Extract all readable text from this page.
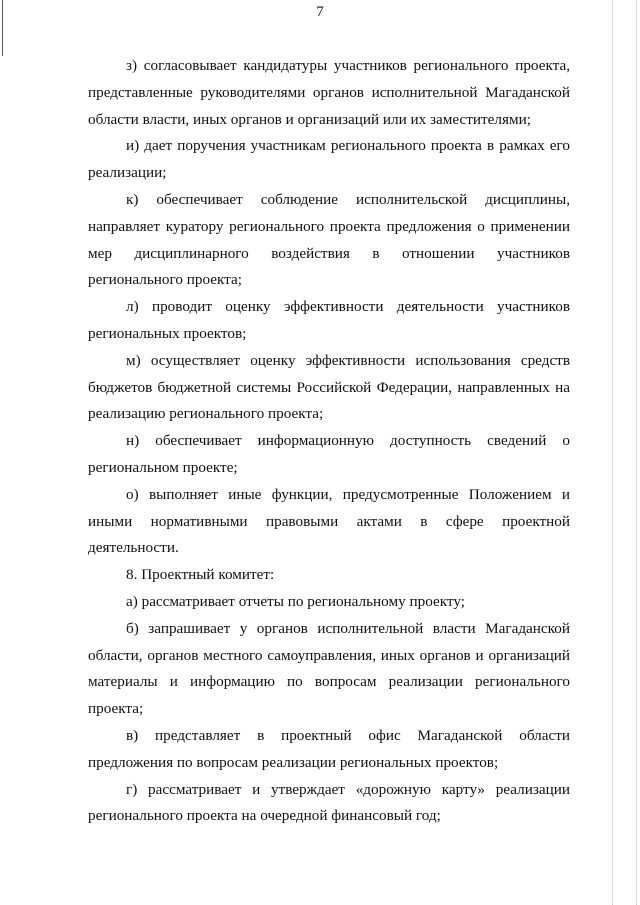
7

з) согласовывает кандидатуры участников регионального проекта, представленные руководителями органов исполнительной Магаданской области власти, иных органов и организаций или их заместителями;

и) дает поручения участникам регионального проекта в рамках его реализации;

к) обеспечивает соблюдение исполнительской дисциплины, направляет куратору регионального проекта предложения о применении мер дисциплинарного воздействия в отношении участников регионального проекта;

л) проводит оценку эффективности деятельности участников региональных проектов;

м) осуществляет оценку эффективности использования средств бюджетов бюджетной системы Российской Федерации, направленных на реализацию регионального проекта;

н) обеспечивает информационную доступность сведений о региональном проекте;

о) выполняет иные функции, предусмотренные Положением и иными нормативными правовыми актами в сфере проектной деятельности.

8. Проектный комитет:

а) рассматривает отчеты по региональному проекту;

б) запрашивает у органов исполнительной власти Магаданской области, органов местного самоуправления, иных органов и организаций материалы и информацию по вопросам реализации регионального проекта;

в) представляет в проектный офис Магаданской области предложения по вопросам реализации региональных проектов;

г) рассматривает и утверждает «дорожную карту» реализации регионального проекта на очередной финансовый год;
